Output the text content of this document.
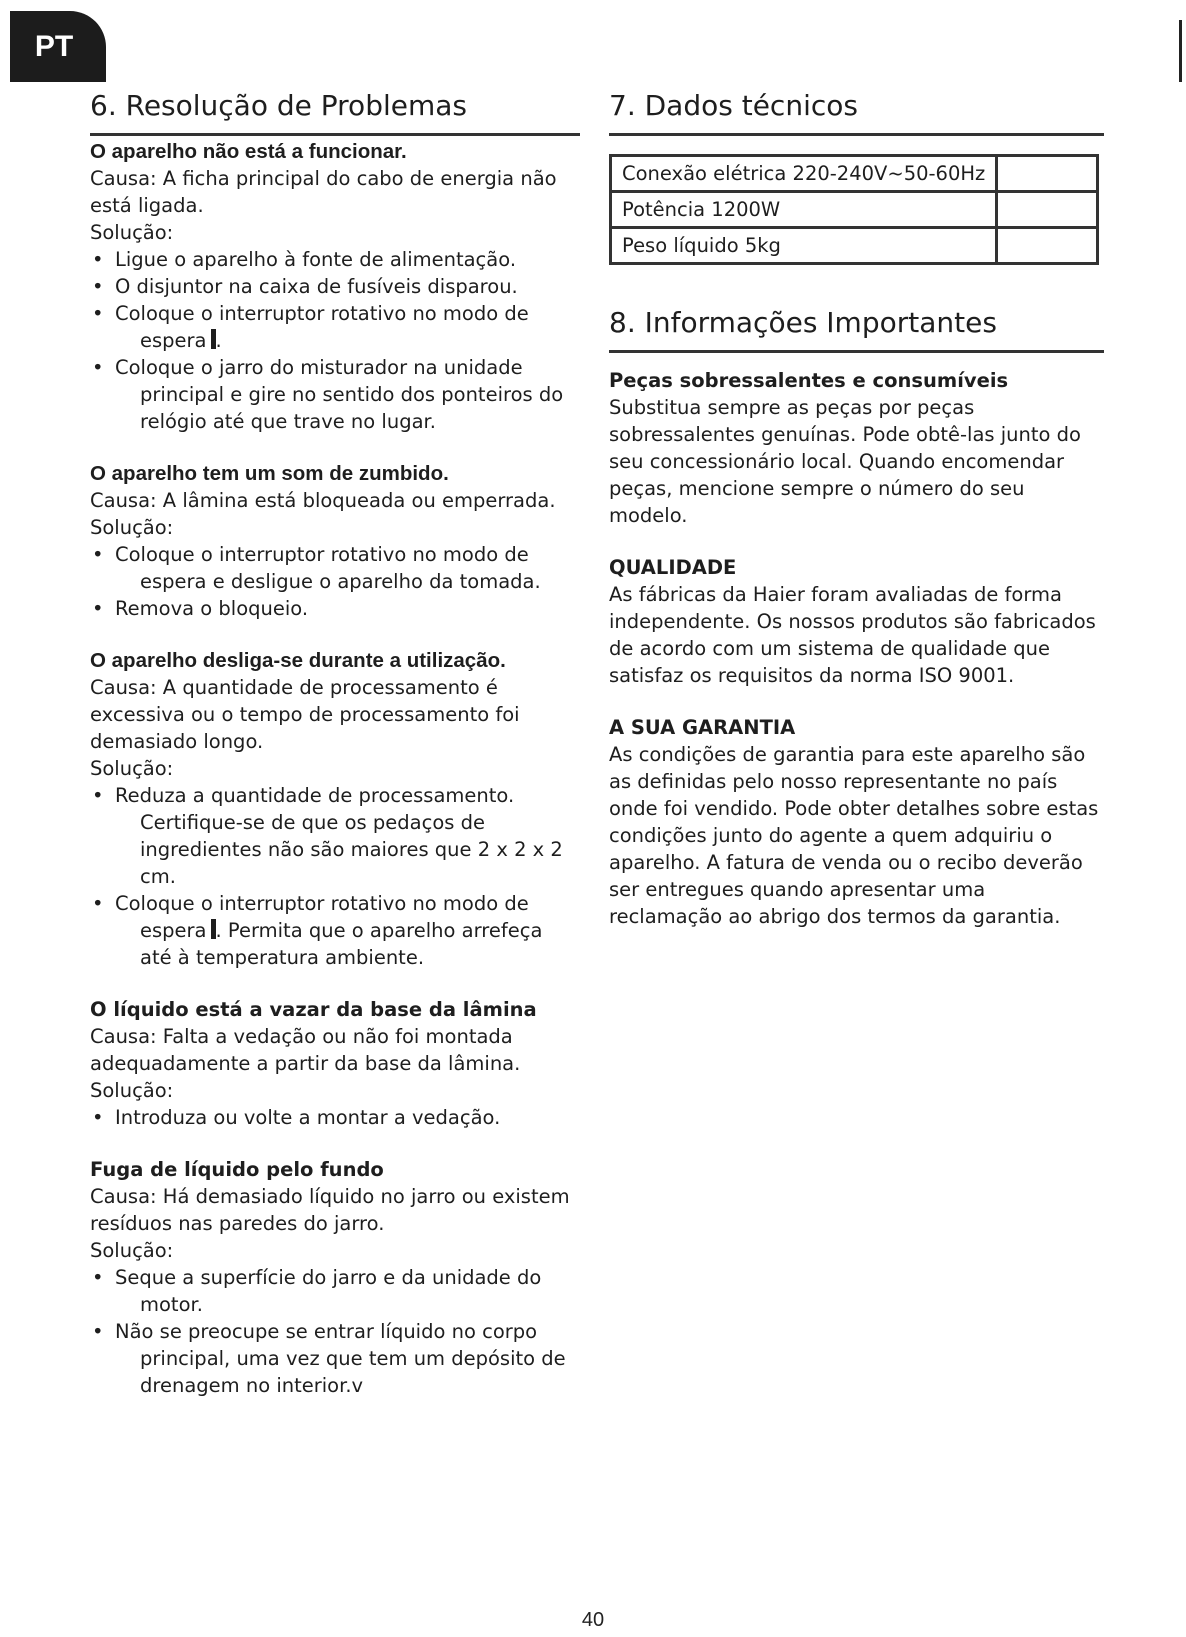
PT
6. Resolução de Problemas

O aparelho não está a funcionar.

Causa: A ficha principal do cabo de energia não está ligada.

Solução:

• Ligue o aparelho à fonte de alimentação.
• O disjuntor na caixa de fusíveis disparou.
• Coloque o interruptor rotativo no modo de espera .
• Coloque o jarro do misturador na unidade principal e gire no sentido dos ponteiros do relógio até que trave no lugar.

O aparelho tem um som de zumbido.

Causa: A lâmina está bloqueada ou emperrada.

Solução:

• Coloque o interruptor rotativo no modo de espera e desligue o aparelho da tomada.
• Remova o bloqueio.

O aparelho desliga-se durante a utilização.

Causa: A quantidade de processamento é excessiva ou o tempo de processamento foi demasiado longo.

Solução:

• Reduza a quantidade de processamento. Certifique-se de que os pedaços de ingredientes não são maiores que 2 x 2 x 2 cm.
• Coloque o interruptor rotativo no modo de espera . Permita que o aparelho arrefeça até à temperatura ambiente.

O líquido está a vazar da base da lâmina

Causa: Falta a vedação ou não foi montada adequadamente a partir da base da lâmina.

Solução:

• Introduza ou volte a montar a vedação.

Fuga de líquido pelo fundo

Causa: Há demasiado líquido no jarro ou existem resíduos nas paredes do jarro.

Solução:

• Seque a superfície do jarro e da unidade do motor.
• Não se preocupe se entrar líquido no corpo principal, uma vez que tem um depósito de drenagem no interior.v
7. Dados técnicos
Conexão elétrica 220-240V~50-60Hz	
Potência 1200W	
Peso líquido 5kg	
8. Informações Importantes

Peças sobressalentes e consumíveis

Substitua sempre as peças por peças sobressalentes genuínas. Pode obtê-las junto do seu concessionário local. Quando encomendar peças, mencione sempre o número do seu modelo.

QUALIDADE

As fábricas da Haier foram avaliadas de forma independente. Os nossos produtos são fabricados de acordo com um sistema de qualidade que satisfaz os requisitos da norma ISO 9001.

A SUA GARANTIA

As condições de garantia para este aparelho são as definidas pelo nosso representante no país onde foi vendido. Pode obter detalhes sobre estas condições junto do agente a quem adquiriu o aparelho. A fatura de venda ou o recibo deverão ser entregues quando apresentar uma reclamação ao abrigo dos termos da garantia.

40
